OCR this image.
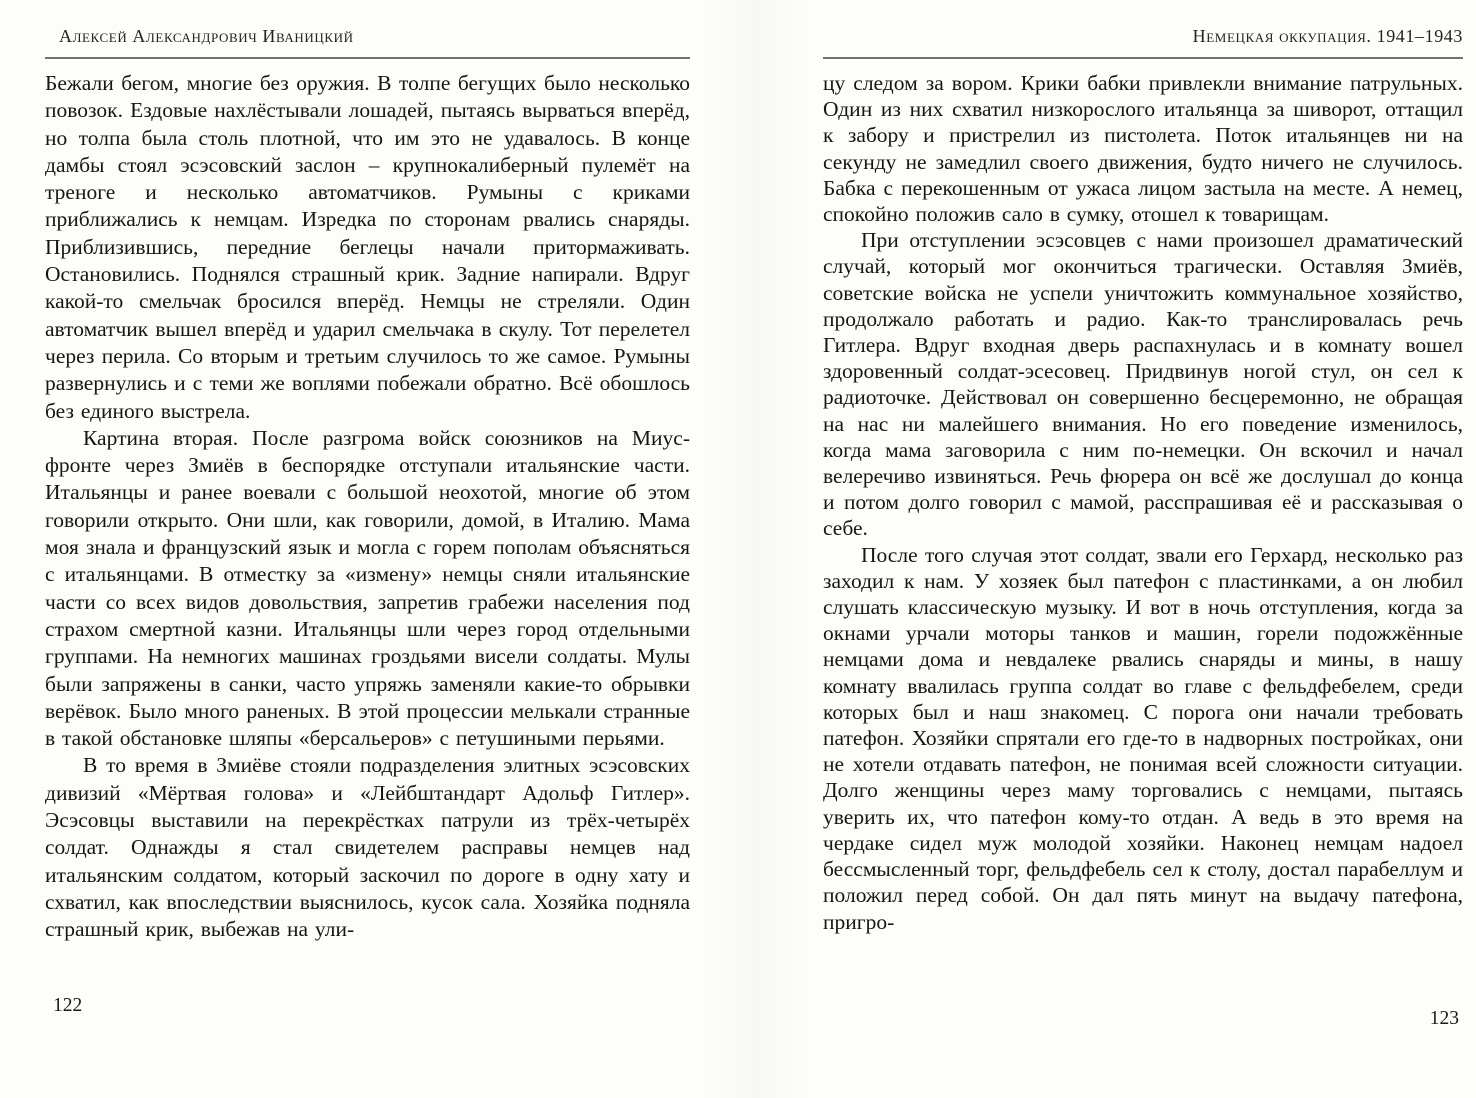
Алексей Александрович Иваницкий

Бежали бегом, многие без оружия. В толпе бегущих было несколько повозок. Ездовые нахлёстывали лошадей, пытаясь вырваться вперёд, но толпа была столь плотной, что им это не удавалось. В конце дамбы стоял эсэсовский заслон – крупнокалиберный пулемёт на треноге и несколько автоматчиков. Румыны с криками приближались к немцам. Изредка по сторонам рвались снаряды. Приблизившись, передние беглецы начали притормаживать. Остановились. Поднялся страшный крик. Задние напирали. Вдруг какой-то смельчак бросился вперёд. Немцы не стреляли. Один автоматчик вышел вперёд и ударил смельчака в скулу. Тот перелетел через перила. Со вторым и третьим случилось то же самое. Румыны развернулись и с теми же воплями побежали обратно. Всё обошлось без единого выстрела.

Картина вторая. После разгрома войск союзников на Миус-фронте через Змиёв в беспорядке отступали итальянские части. Итальянцы и ранее воевали с большой неохотой, многие об этом говорили открыто. Они шли, как говорили, домой, в Италию. Мама моя знала и французский язык и могла с горем пополам объясняться с итальянцами. В отместку за «измену» немцы сняли итальянские части со всех видов довольствия, запретив грабежи населения под страхом смертной казни. Итальянцы шли через город отдельными группами. На немногих машинах гроздьями висели солдаты. Мулы были запряжены в санки, часто упряжь заменяли какие-то обрывки верёвок. Было много раненых. В этой процессии мелькали странные в такой обстановке шляпы «берсальеров» с петушиными перьями.

В то время в Змиёве стояли подразделения элитных эсэсовских дивизий «Мёртвая голова» и «Лейбштандарт Адольф Гитлер». Эсэсовцы выставили на перекрёстках патрули из трёх-четырёх солдат. Однажды я стал свидетелем расправы немцев над итальянским солдатом, который заскочил по дороге в одну хату и схватил, как впоследствии выяснилось, кусок сала. Хозяйка подняла страшный крик, выбежав на ули-

122
Немецкая оккупация. 1941–1943

цу следом за вором. Крики бабки привлекли внимание патрульных. Один из них схватил низкорослого итальянца за шиворот, оттащил к забору и пристрелил из пистолета. Поток итальянцев ни на секунду не замедлил своего движения, будто ничего не случилось. Бабка с перекошенным от ужаса лицом застыла на месте. А немец, спокойно положив сало в сумку, отошел к товарищам.

При отступлении эсэсовцев с нами произошел драматический случай, который мог окончиться трагически. Оставляя Змиёв, советские войска не успели уничтожить коммунальное хозяйство, продолжало работать и радио. Как-то транслировалась речь Гитлера. Вдруг входная дверь распахнулась и в комнату вошел здоровенный солдат-эсесовец. Придвинув ногой стул, он сел к радиоточке. Действовал он совершенно бесцеремонно, не обращая на нас ни малейшего внимания. Но его поведение изменилось, когда мама заговорила с ним по-немецки. Он вскочил и начал велеречиво извиняться. Речь фюрера он всё же дослушал до конца и потом долго говорил с мамой, расспрашивая её и рассказывая о себе.

После того случая этот солдат, звали его Герхард, несколько раз заходил к нам. У хозяек был патефон с пластинками, а он любил слушать классическую музыку. И вот в ночь отступления, когда за окнами урчали моторы танков и машин, горели подожжённые немцами дома и невдалеке рвались снаряды и мины, в нашу комнату ввалилась группа солдат во главе с фельдфебелем, среди которых был и наш знакомец. С порога они начали требовать патефон. Хозяйки спрятали его где-то в надворных постройках, они не хотели отдавать патефон, не понимая всей сложности ситуации. Долго женщины через маму торговались с немцами, пытаясь уверить их, что патефон кому-то отдан. А ведь в это время на чердаке сидел муж молодой хозяйки. Наконец немцам надоел бессмысленный торг, фельдфебель сел к столу, достал парабеллум и положил перед собой. Он дал пять минут на выдачу патефона, пригро-

123
